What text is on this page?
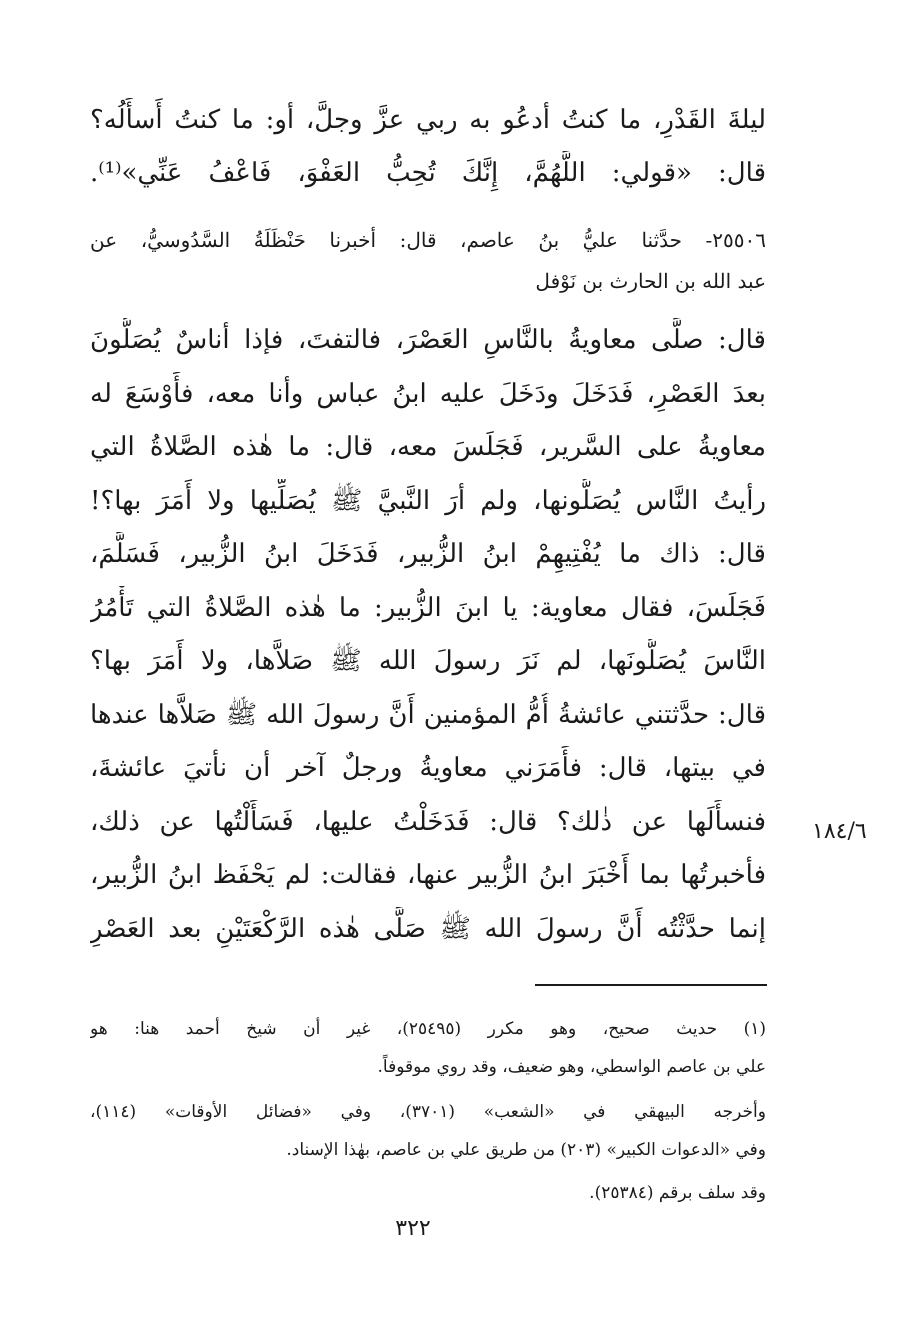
ليلةَ القَدْرِ، ما كنتُ أدعُو به ربي عزَّ وجلَّ، أو: ما كنتُ أَسأَلُه؟
قال: «قولي: اللَّهُمَّ، إِنَّكَ تُحِبُّ العَفْوَ، فَاعْفُ عَنِّي»⁽¹⁾.
٢٥٥٠٦- حدَّثنا عليُّ بنُ عاصم، قال: أخبرنا حَنْظَلَةُ السَّدُوسيُّ، عن
عبد الله بن الحارث بن نَوْفل
قال: صلَّى معاويةُ بالنَّاسِ العَصْرَ، فالتفتَ، فإذا أناسٌ يُصَلُّونَ
بعدَ العَصْرِ، فَدَخَلَ ودَخَلَ عليه ابنُ عباس وأنا معه، فأَوْسَعَ له
معاويةُ على السَّرير، فَجَلَسَ معه، قال: ما هٰذه الصَّلاةُ التي
رأيتُ النَّاس يُصَلُّونها، ولم أرَ النَّبيَّ ﷺ يُصَلِّيها ولا أَمَرَ بها؟!
قال: ذاك ما يُفْتِيهِمْ ابنُ الزُّبير، فَدَخَلَ ابنُ الزُّبير، فَسَلَّمَ،
فَجَلَسَ، فقال معاوية: يا ابنَ الزُّبير: ما هٰذه الصَّلاةُ التي تَأْمُرُ
النَّاسَ يُصَلُّونَها، لم نَرَ رسولَ الله ﷺ صَلاَّها، ولا أَمَرَ بها؟
قال: حدَّثتني عائشةُ أُمُّ المؤمنين أَنَّ رسولَ الله ﷺ صَلاَّها عندها
في بيتها، قال: فأَمَرَني معاويةُ ورجلٌ آخر أن نأتيَ عائشةَ،
فنسأَلَها عن ذٰلك؟ قال: فَدَخَلْتُ عليها، فَسَأَلْتُها عن ذلك،
فأخبرتُها بما أَخْبَرَ ابنُ الزُّبير عنها، فقالت: لم يَحْفَظ ابنُ الزُّبير،
إنما حدَّثْتُه أَنَّ رسولَ الله ﷺ صَلَّى هٰذه الرَّكْعَتَيْنِ بعد العَصْرِ
١٨٤/٦
(١) حديث صحيح، وهو مكرر (٢٥٤٩٥)، غير أن شيخ أحمد هنا: هو
علي بن عاصم الواسطي، وهو ضعيف، وقد روي موقوفاً.
وأخرجه البيهقي في «الشعب» (٣٧٠١)، وفي «فضائل الأوقات» (١١٤)،
وفي «الدعوات الكبير» (٢٠٣) من طريق علي بن عاصم، بهٰذا الإسناد.
وقد سلف برقم (٢٥٣٨٤).
٣٢٢
